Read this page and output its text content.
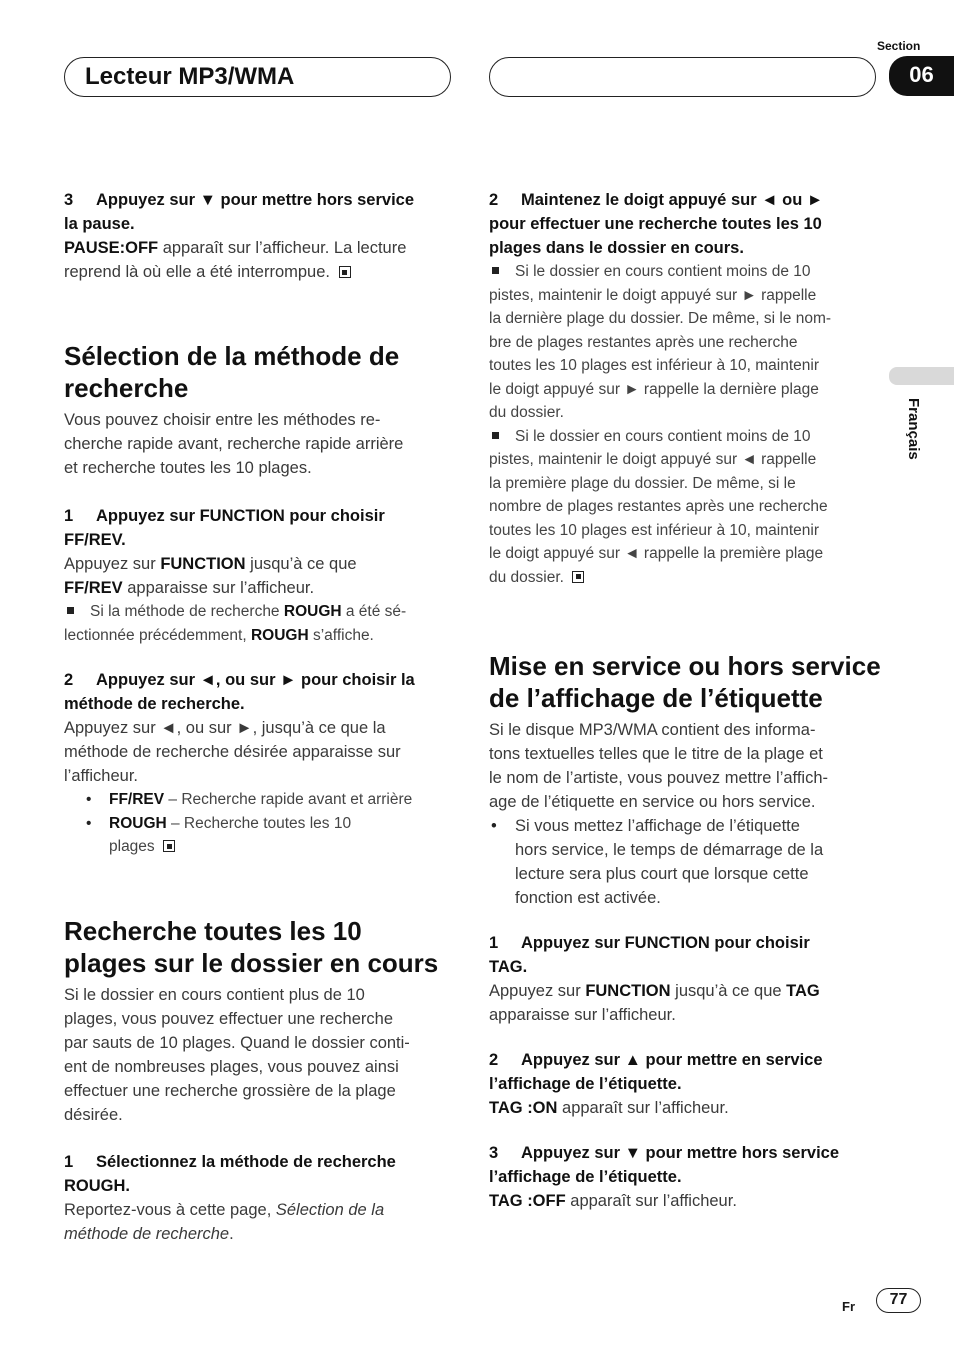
Lecteur MP3/WMA
Section
06
Français

3 Appuyez sur ▼ pour mettre hors service

la pause.

PAUSE:OFF apparaît sur l’afficheur. La lecture

reprend là où elle a été interrompue.

Sélection de la méthode de
recherche

Vous pouvez choisir entre les méthodes re-

cherche rapide avant, recherche rapide arrière

et recherche toutes les 10 plages.

1 Appuyez sur FUNCTION pour choisir

FF/REV.

Appuyez sur FUNCTION jusqu’à ce que

FF/REV apparaisse sur l’afficheur.

Si la méthode de recherche ROUGH a été sé-

lectionnée précédemment, ROUGH s’affiche.

2 Appuyez sur ◄, ou sur ► pour choisir la

méthode de recherche.

Appuyez sur ◄, ou sur ►, jusqu’à ce que la

méthode de recherche désirée apparaisse sur

l’afficheur.

• FF/REV – Recherche rapide avant et arrière

• ROUGH – Recherche toutes les 10

plages

Recherche toutes les 10
plages sur le dossier en cours

Si le dossier en cours contient plus de 10

plages, vous pouvez effectuer une recherche

par sauts de 10 plages. Quand le dossier conti-

ent de nombreuses plages, vous pouvez ainsi

effectuer une recherche grossière de la plage

désirée.

1 Sélectionnez la méthode de recherche

ROUGH.

Reportez-vous à cette page, Sélection de la

méthode de recherche.

2 Maintenez le doigt appuyé sur ◄ ou ►

pour effectuer une recherche toutes les 10

plages dans le dossier en cours.

Si le dossier en cours contient moins de 10

pistes, maintenir le doigt appuyé sur ► rappelle

la dernière plage du dossier. De même, si le nom-

bre de plages restantes après une recherche

toutes les 10 plages est inférieur à 10, maintenir

le doigt appuyé sur ► rappelle la dernière plage

du dossier.

Si le dossier en cours contient moins de 10

pistes, maintenir le doigt appuyé sur ◄ rappelle

la première plage du dossier. De même, si le

nombre de plages restantes après une recherche

toutes les 10 plages est inférieur à 10, maintenir

le doigt appuyé sur ◄ rappelle la première plage

du dossier.

Mise en service ou hors service
de l’affichage de l’étiquette

Si le disque MP3/WMA contient des informa-

tons textuelles telles que le titre de la plage et

le nom de l’artiste, vous pouvez mettre l’affich-

age de l’étiquette en service ou hors service.

• Si vous mettez l’affichage de l’étiquette

hors service, le temps de démarrage de la

lecture sera plus court que lorsque cette

fonction est activée.

1 Appuyez sur FUNCTION pour choisir

TAG.

Appuyez sur FUNCTION jusqu’à ce que TAG

apparaisse sur l’afficheur.

2 Appuyez sur ▲ pour mettre en service

l’affichage de l’étiquette.

TAG :ON apparaît sur l’afficheur.

3 Appuyez sur ▼ pour mettre hors service

l’affichage de l’étiquette.

TAG :OFF apparaît sur l’afficheur.

Fr	77
